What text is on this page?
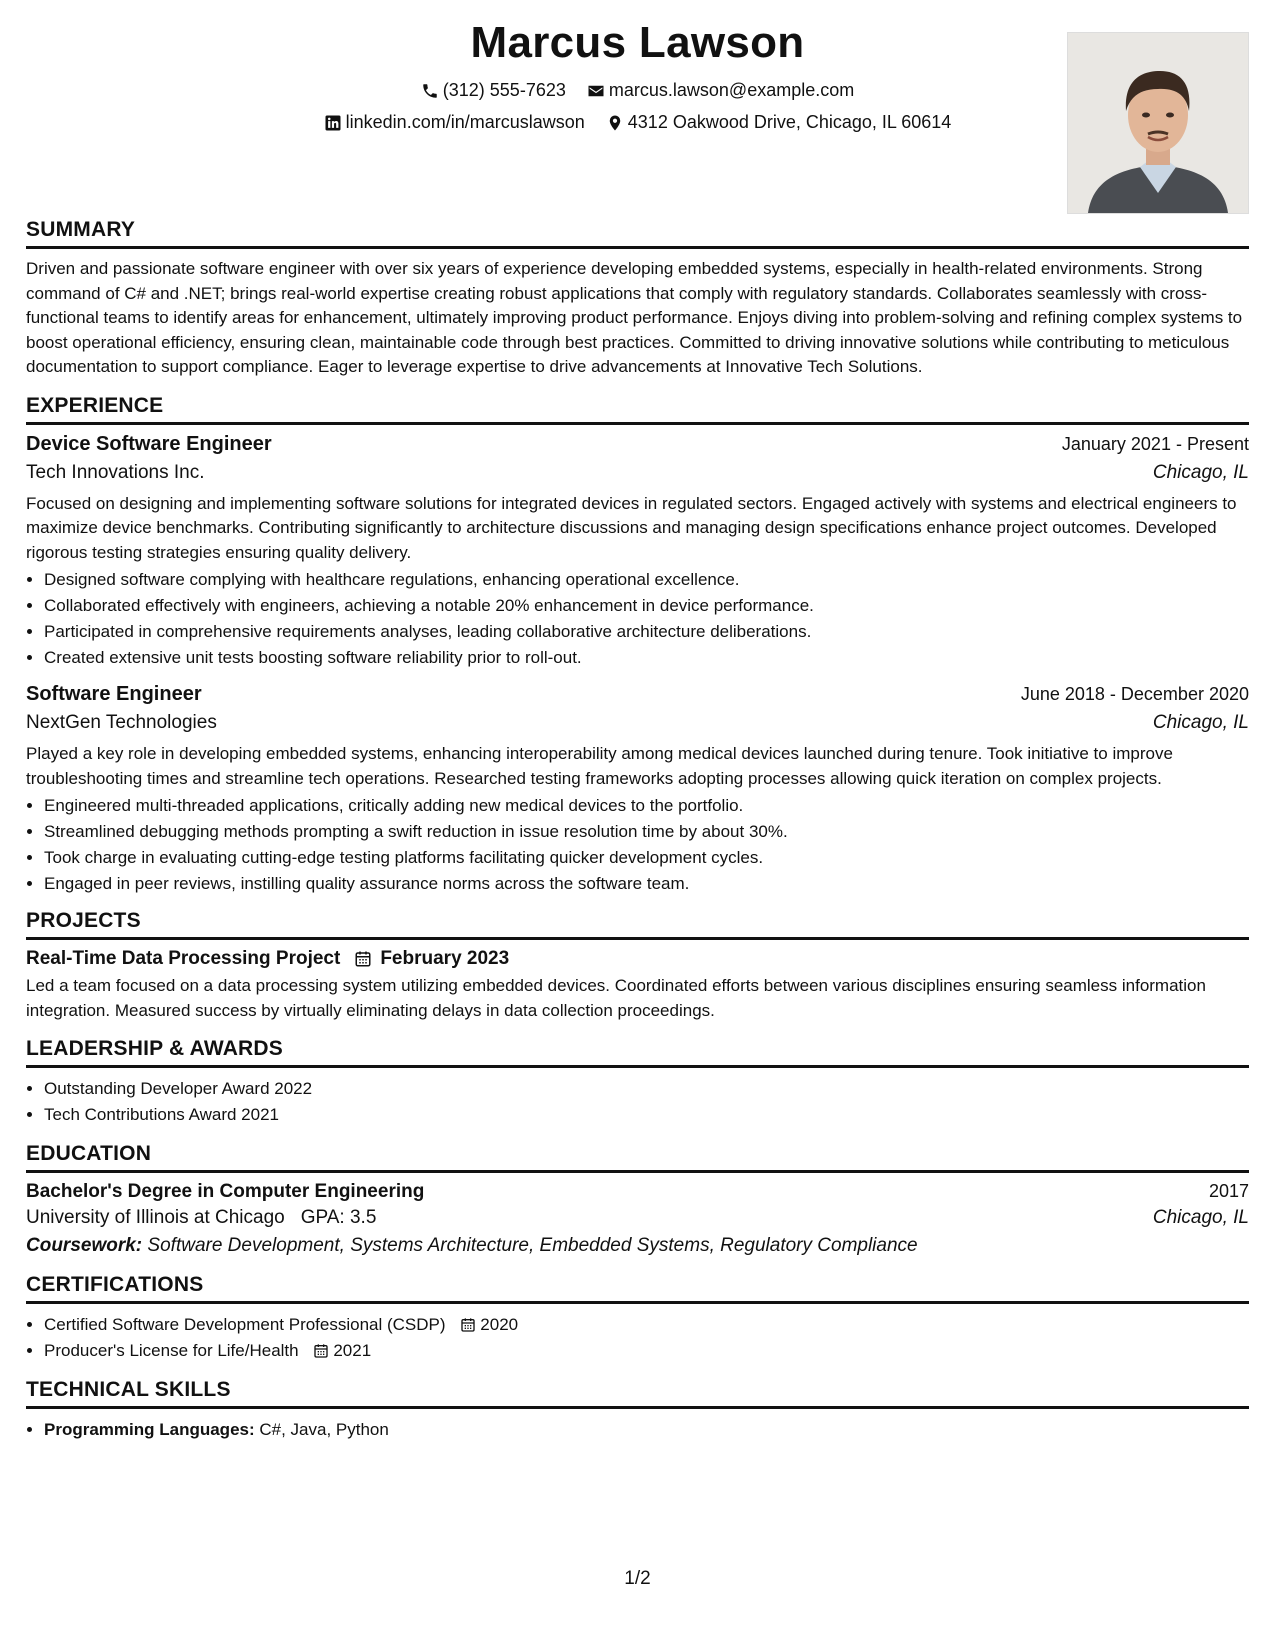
Marcus Lawson
(312) 555-7623
marcus.lawson@example.com
linkedin.com/in/marcuslawson
4312 Oakwood Drive, Chicago, IL 60614
SUMMARY
Driven and passionate software engineer with over six years of experience developing embedded systems, especially in health-related environments. Strong command of C# and .NET; brings real-world expertise creating robust applications that comply with regulatory standards. Collaborates seamlessly with cross-functional teams to identify areas for enhancement, ultimately improving product performance. Enjoys diving into problem-solving and refining complex systems to boost operational efficiency, ensuring clean, maintainable code through best practices. Committed to driving innovative solutions while contributing to meticulous documentation to support compliance. Eager to leverage expertise to drive advancements at Innovative Tech Solutions.
EXPERIENCE
Device Software Engineer	January 2021 - Present
Tech Innovations Inc.	Chicago, IL
Focused on designing and implementing software solutions for integrated devices in regulated sectors. Engaged actively with systems and electrical engineers to maximize device benchmarks. Contributing significantly to architecture discussions and managing design specifications enhance project outcomes. Developed rigorous testing strategies ensuring quality delivery.
• Designed software complying with healthcare regulations, enhancing operational excellence.
• Collaborated effectively with engineers, achieving a notable 20% enhancement in device performance.
• Participated in comprehensive requirements analyses, leading collaborative architecture deliberations.
• Created extensive unit tests boosting software reliability prior to roll-out.
Software Engineer	June 2018 - December 2020
NextGen Technologies	Chicago, IL
Played a key role in developing embedded systems, enhancing interoperability among medical devices launched during tenure. Took initiative to improve troubleshooting times and streamline tech operations. Researched testing frameworks adopting processes allowing quick iteration on complex projects.
• Engineered multi-threaded applications, critically adding new medical devices to the portfolio.
• Streamlined debugging methods prompting a swift reduction in issue resolution time by about 30%.
• Took charge in evaluating cutting-edge testing platforms facilitating quicker development cycles.
• Engaged in peer reviews, instilling quality assurance norms across the software team.
PROJECTS
Real-Time Data Processing Project February 2023
Led a team focused on a data processing system utilizing embedded devices. Coordinated efforts between various disciplines ensuring seamless information integration. Measured success by virtually eliminating delays in data collection proceedings.
LEADERSHIP & AWARDS
• Outstanding Developer Award 2022
• Tech Contributions Award 2021
EDUCATION
Bachelor's Degree in Computer Engineering	2017
University of Illinois at Chicago GPA: 3.5	Chicago, IL
Coursework: Software Development, Systems Architecture, Embedded Systems, Regulatory Compliance
CERTIFICATIONS
• Certified Software Development Professional (CSDP) 2020
• Producer's License for Life/Health 2021
TECHNICAL SKILLS
• Programming Languages: C#, Java, Python
1/2
